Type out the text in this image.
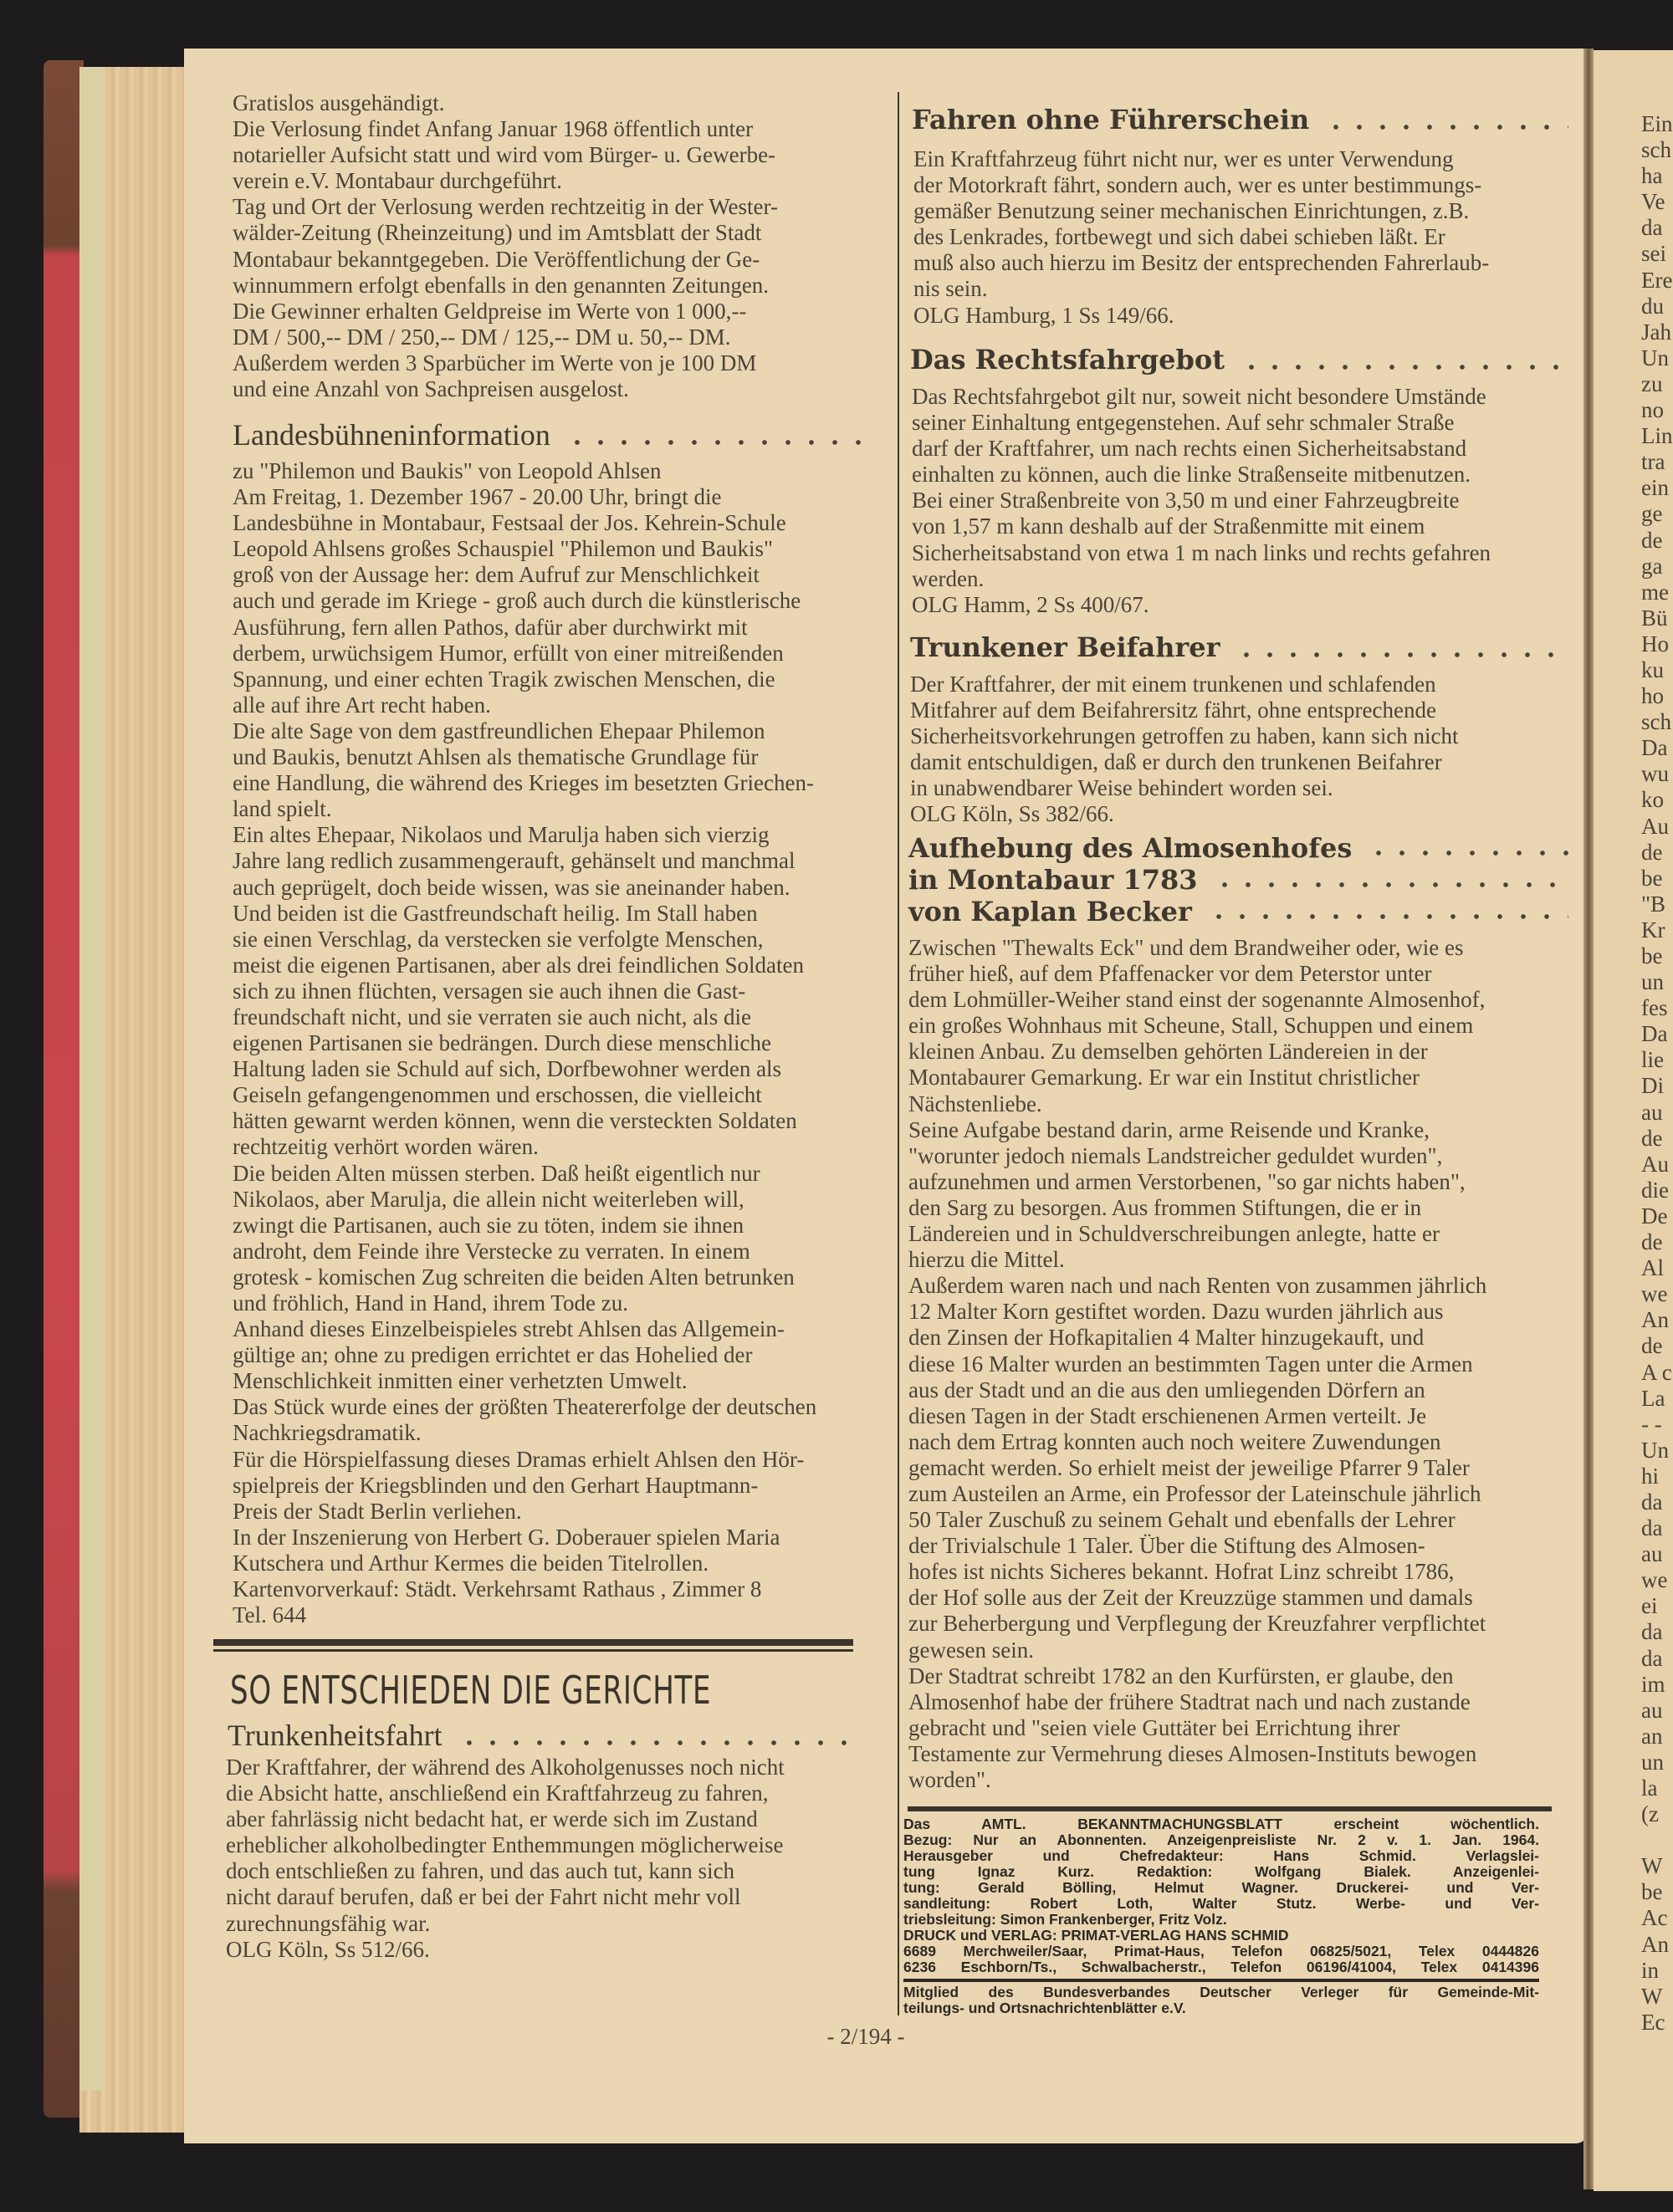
Gratislos ausgehändigt.
Die Verlosung findet Anfang Januar 1968 öffentlich unter
notarieller Aufsicht statt und wird vom Bürger- u. Gewerbe-
verein e.V. Montabaur durchgeführt.
Tag und Ort der Verlosung werden rechtzeitig in der Wester-
wälder-Zeitung (Rheinzeitung) und im Amtsblatt der Stadt
Montabaur bekanntgegeben. Die Veröffentlichung der Ge-
winnummern erfolgt ebenfalls in den genannten Zeitungen.
Die Gewinner erhalten Geldpreise im Werte von 1 000,--
DM / 500,-- DM / 250,-- DM / 125,-- DM u. 50,-- DM.
Außerdem werden 3 Sparbücher im Werte von je 100 DM
und eine Anzahl von Sachpreisen ausgelost.
Landesbühneninformation
zu "Philemon und Baukis" von Leopold Ahlsen
Am Freitag, 1. Dezember 1967 - 20.00 Uhr, bringt die
Landesbühne in Montabaur, Festsaal der Jos. Kehrein-Schule
Leopold Ahlsens großes Schauspiel "Philemon und Baukis"
groß von der Aussage her: dem Aufruf zur Menschlichkeit
auch und gerade im Kriege - groß auch durch die künstlerische
Ausführung, fern allen Pathos, dafür aber durchwirkt mit
derbem, urwüchsigem Humor, erfüllt von einer mitreißenden
Spannung, und einer echten Tragik zwischen Menschen, die
alle auf ihre Art recht haben.
Die alte Sage von dem gastfreundlichen Ehepaar Philemon
und Baukis, benutzt Ahlsen als thematische Grundlage für
eine Handlung, die während des Krieges im besetzten Griechen-
land spielt.
Ein altes Ehepaar, Nikolaos und Marulja haben sich vierzig
Jahre lang redlich zusammengerauft, gehänselt und manchmal
auch geprügelt, doch beide wissen, was sie aneinander haben.
Und beiden ist die Gastfreundschaft heilig. Im Stall haben
sie einen Verschlag, da verstecken sie verfolgte Menschen,
meist die eigenen Partisanen, aber als drei feindlichen Soldaten
sich zu ihnen flüchten, versagen sie auch ihnen die Gast-
freundschaft nicht, und sie verraten sie auch nicht, als die
eigenen Partisanen sie bedrängen. Durch diese menschliche
Haltung laden sie Schuld auf sich, Dorfbewohner werden als
Geiseln gefangengenommen und erschossen, die vielleicht
hätten gewarnt werden können, wenn die versteckten Soldaten
rechtzeitig verhört worden wären.
Die beiden Alten müssen sterben. Daß heißt eigentlich nur
Nikolaos, aber Marulja, die allein nicht weiterleben will,
zwingt die Partisanen, auch sie zu töten, indem sie ihnen
androht, dem Feinde ihre Verstecke zu verraten. In einem
grotesk - komischen Zug schreiten die beiden Alten betrunken
und fröhlich, Hand in Hand, ihrem Tode zu.
Anhand dieses Einzelbeispieles strebt Ahlsen das Allgemein-
gültige an; ohne zu predigen errichtet er das Hohelied der
Menschlichkeit inmitten einer verhetzten Umwelt.
Das Stück wurde eines der größten Theatererfolge der deutschen
Nachkriegsdramatik.
Für die Hörspielfassung dieses Dramas erhielt Ahlsen den Hör-
spielpreis der Kriegsblinden und den Gerhart Hauptmann-
Preis der Stadt Berlin verliehen.
In der Inszenierung von Herbert G. Doberauer spielen Maria
Kutschera und Arthur Kermes die beiden Titelrollen.
Kartenvorverkauf: Städt. Verkehrsamt Rathaus , Zimmer 8
Tel. 644
SO ENTSCHIEDEN DIE GERICHTE
Trunkenheitsfahrt
Der Kraftfahrer, der während des Alkoholgenusses noch nicht
die Absicht hatte, anschließend ein Kraftfahrzeug zu fahren,
aber fahrlässig nicht bedacht hat, er werde sich im Zustand
erheblicher alkoholbedingter Enthemmungen möglicherweise
doch entschließen zu fahren, und das auch tut, kann sich
nicht darauf berufen, daß er bei der Fahrt nicht mehr voll
zurechnungsfähig war.
OLG Köln, Ss 512/66.
Fahren ohne Führerschein
Ein Kraftfahrzeug führt nicht nur, wer es unter Verwendung
der Motorkraft fährt, sondern auch, wer es unter bestimmungs-
gemäßer Benutzung seiner mechanischen Einrichtungen, z.B.
des Lenkrades, fortbewegt und sich dabei schieben läßt. Er
muß also auch hierzu im Besitz der entsprechenden Fahrerlaub-
nis sein.
OLG Hamburg, 1 Ss 149/66.
Das Rechtsfahrgebot
Das Rechtsfahrgebot gilt nur, soweit nicht besondere Umstände
seiner Einhaltung entgegenstehen. Auf sehr schmaler Straße
darf der Kraftfahrer, um nach rechts einen Sicherheitsabstand
einhalten zu können, auch die linke Straßenseite mitbenutzen.
Bei einer Straßenbreite von 3,50 m und einer Fahrzeugbreite
von 1,57 m kann deshalb auf der Straßenmitte mit einem
Sicherheitsabstand von etwa 1 m nach links und rechts gefahren
werden.
OLG Hamm, 2 Ss 400/67.
Trunkener Beifahrer
Der Kraftfahrer, der mit einem trunkenen und schlafenden
Mitfahrer auf dem Beifahrersitz fährt, ohne entsprechende
Sicherheitsvorkehrungen getroffen zu haben, kann sich nicht
damit entschuldigen, daß er durch den trunkenen Beifahrer
in unabwendbarer Weise behindert worden sei.
OLG Köln, Ss 382/66.
Aufhebung des Almosenhofes
in Montabaur 1783
von Kaplan Becker
Zwischen "Thewalts Eck" und dem Brandweiher oder, wie es
früher hieß, auf dem Pfaffenacker vor dem Peterstor unter
dem Lohmüller-Weiher stand einst der sogenannte Almosenhof,
ein großes Wohnhaus mit Scheune, Stall, Schuppen und einem
kleinen Anbau. Zu demselben gehörten Ländereien in der
Montabaurer Gemarkung. Er war ein Institut christlicher
Nächstenliebe.
Seine Aufgabe bestand darin, arme Reisende und Kranke,
"worunter jedoch niemals Landstreicher geduldet wurden",
aufzunehmen und armen Verstorbenen, "so gar nichts haben",
den Sarg zu besorgen. Aus frommen Stiftungen, die er in
Ländereien und in Schuldverschreibungen anlegte, hatte er
hierzu die Mittel.
Außerdem waren nach und nach Renten von zusammen jährlich
12 Malter Korn gestiftet worden. Dazu wurden jährlich aus
den Zinsen der Hofkapitalien 4 Malter hinzugekauft, und
diese 16 Malter wurden an bestimmten Tagen unter die Armen
aus der Stadt und an die aus den umliegenden Dörfern an
diesen Tagen in der Stadt erschienenen Armen verteilt. Je
nach dem Ertrag konnten auch noch weitere Zuwendungen
gemacht werden. So erhielt meist der jeweilige Pfarrer 9 Taler
zum Austeilen an Arme, ein Professor der Lateinschule jährlich
50 Taler Zuschuß zu seinem Gehalt und ebenfalls der Lehrer
der Trivialschule 1 Taler. Über die Stiftung des Almosen-
hofes ist nichts Sicheres bekannt. Hofrat Linz schreibt 1786,
der Hof solle aus der Zeit der Kreuzzüge stammen und damals
zur Beherbergung und Verpflegung der Kreuzfahrer verpflichtet
gewesen sein.
Der Stadtrat schreibt 1782 an den Kurfürsten, er glaube, den
Almosenhof habe der frühere Stadtrat nach und nach zustande
gebracht und "seien viele Guttäter bei Errichtung ihrer
Testamente zur Vermehrung dieses Almosen-Instituts bewogen
worden".
Das AMTL. BEKANNTMACHUNGSBLATT erscheint wöchentlich.
Bezug: Nur an Abonnenten. Anzeigenpreisliste Nr. 2 v. 1. Jan. 1964.
Herausgeber und Chefredakteur: Hans Schmid. Verlagslei-
tung Ignaz Kurz. Redaktion: Wolfgang Bialek. Anzeigenlei-
tung: Gerald Bölling, Helmut Wagner. Druckerei- und Ver-
sandleitung: Robert Loth, Walter Stutz. Werbe- und Ver-
triebsleitung: Simon Frankenberger, Fritz Volz.
DRUCK und VERLAG: PRIMAT-VERLAG HANS SCHMID
6689 Merchweiler/Saar, Primat-Haus, Telefon 06825/5021, Telex 0444826
6236 Eschborn/Ts., Schwalbacherstr., Telefon 06196/41004, Telex 0414396
Mitglied des Bundesverbandes Deutscher Verleger für Gemeinde-Mit-
teilungs- und Ortsnachrichtenblätter e.V.
- 2/194 -
Ein
sch
ha
Ve
da
sei
Ere
du
Jah
Un
zu
no
Lin
tra
ein
ge
de
ga
me
Bü
Ho
ku
ho
sch
Da
wu
ko
Au
de
be
"B
Kr
be
un
fes
Da
lie
Di
au
de
Au
die
De
de
Al
we
An
de
A c
La
- -
Un
hi
da
da
au
we
ei
da
da
im
au
an
un
la
(z
W
be
Ac
An
in
W
Ec
